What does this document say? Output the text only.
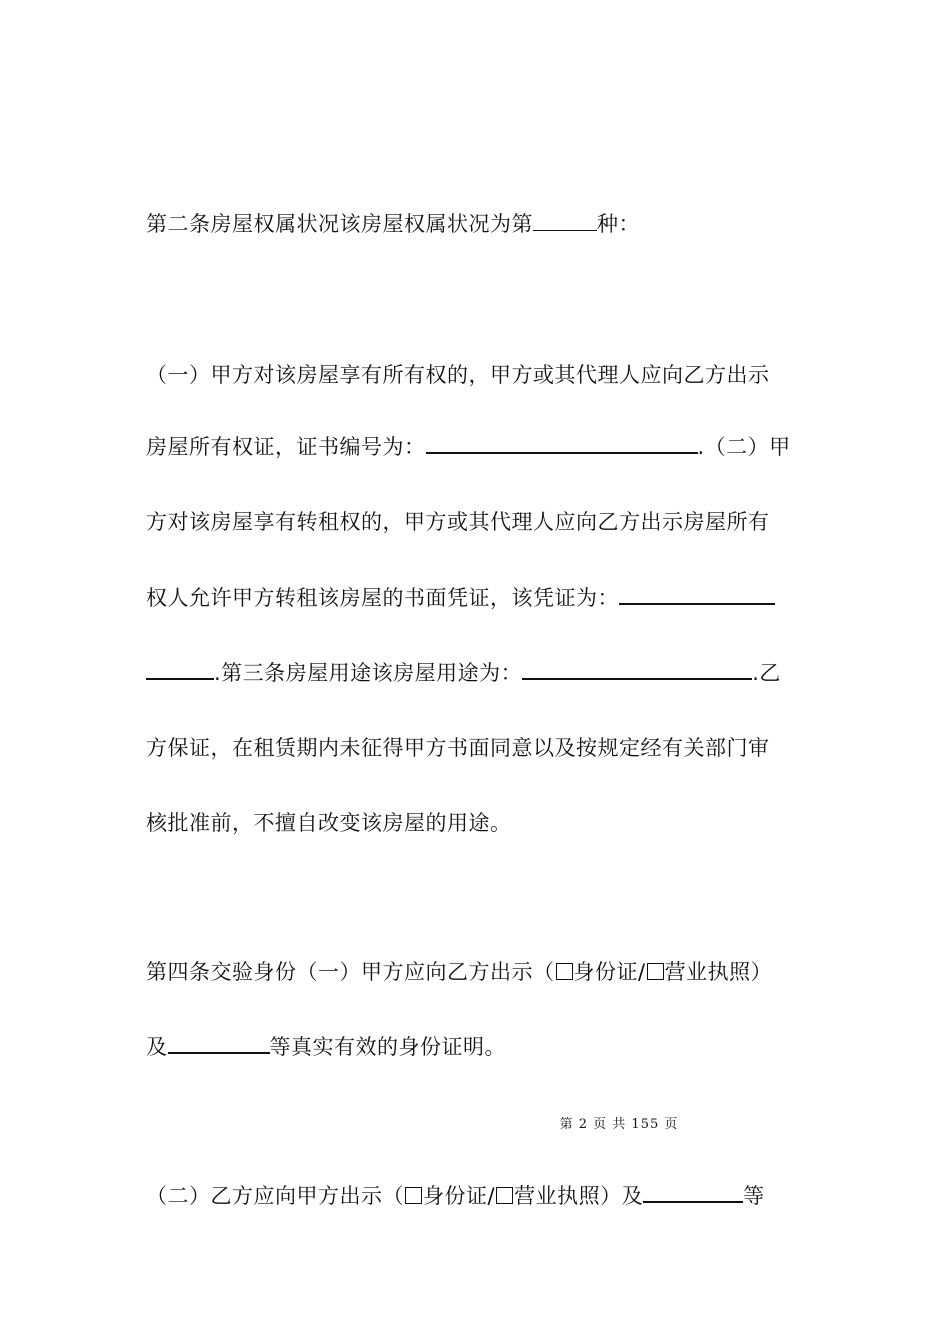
第二条房屋权属状况该房屋权属状况为第	种：
（一）甲方对该房屋享有所有权的，甲方或其代理人应向乙方出示
房屋所有权证，证书编号为：	.（二）甲
方对该房屋享有转租权的，甲方或其代理人应向乙方出示房屋所有
权人允许甲方转租该房屋的书面凭证，该凭证为：
.第三条房屋用途该房屋用途为：	.乙
方保证，在租赁期内未征得甲方书面同意以及按规定经有关部门审
核批准前，不擅自改变该房屋的用途。
第四条交验身份（一）甲方应向乙方出示（ 身份证/ 营业执照）
及	等真实有效的身份证明。
第 2 页 共 155 页
（二）乙方应向甲方出示（ 身份证/ 营业执照）及	等
